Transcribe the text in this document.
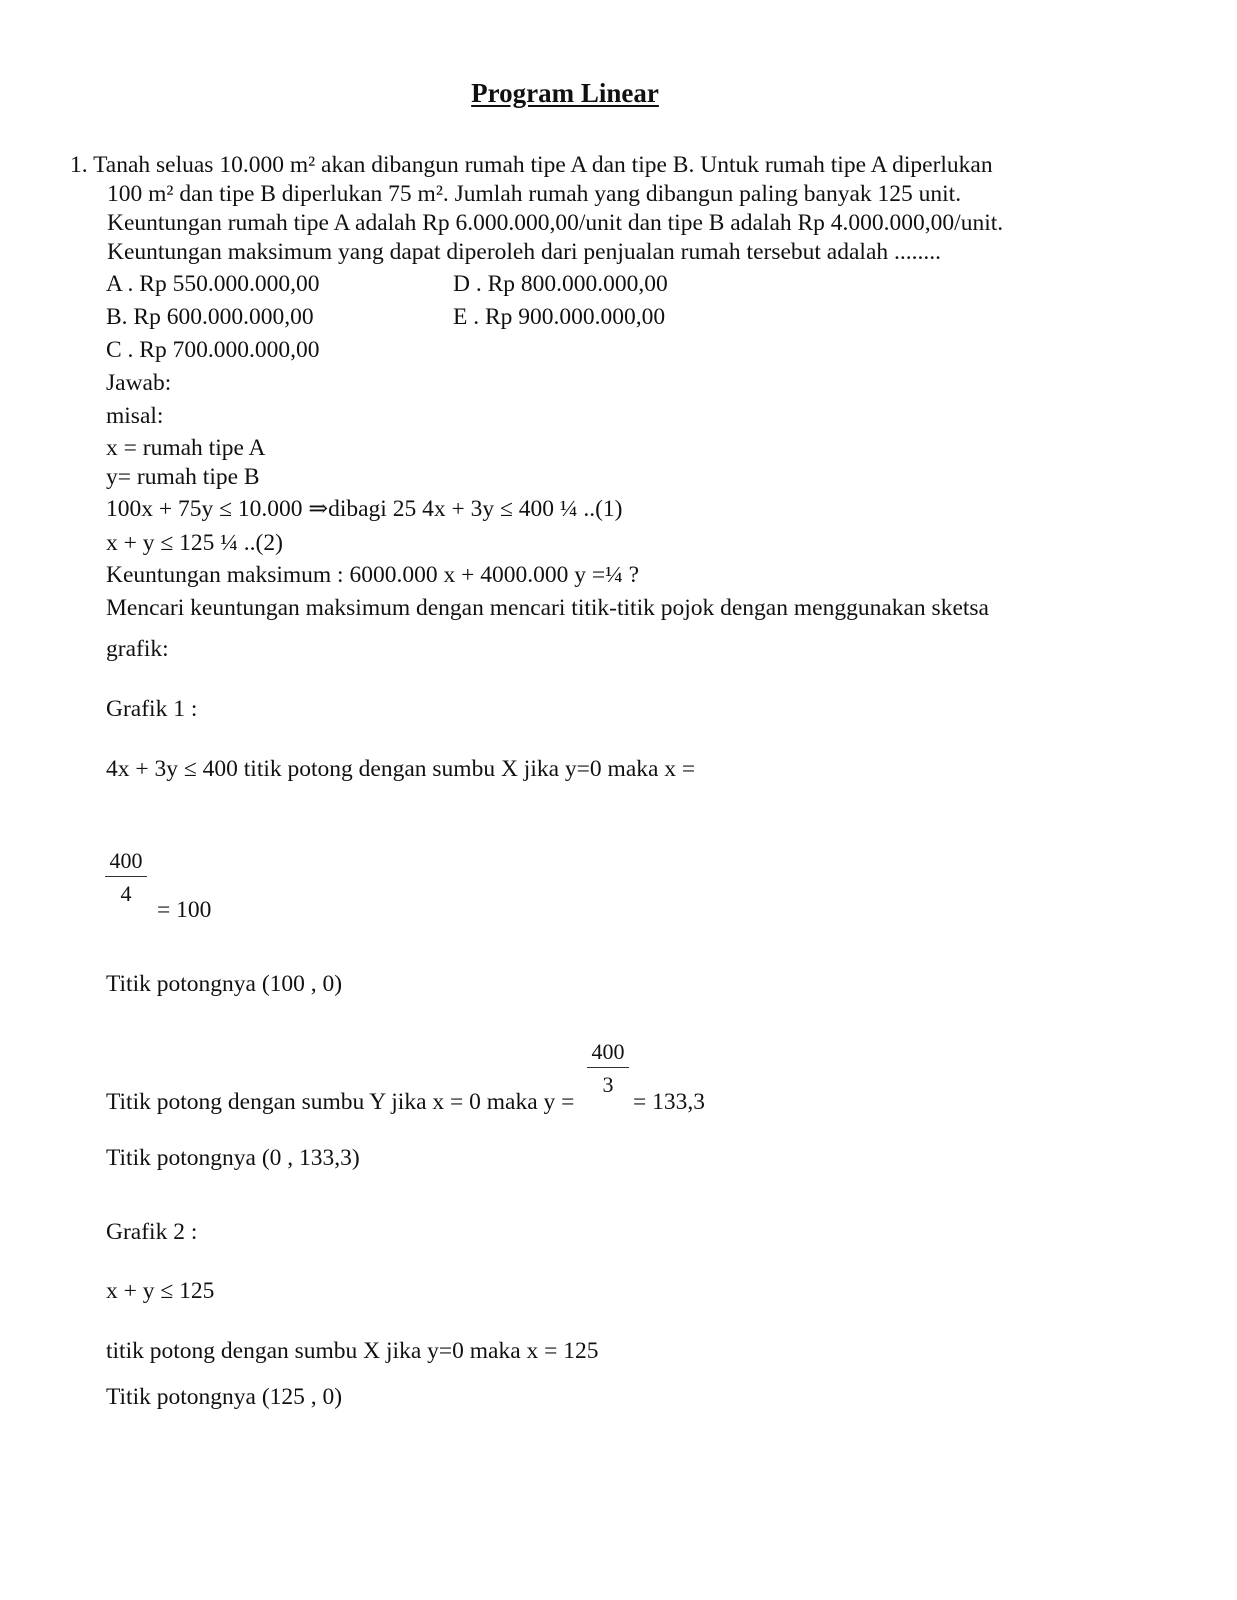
Program Linear
1. Tanah seluas 10.000 m² akan dibangun rumah tipe A dan tipe B. Untuk rumah tipe A diperlukan
100 m² dan tipe B diperlukan 75 m². Jumlah rumah yang dibangun paling banyak 125 unit.
Keuntungan rumah tipe A adalah Rp 6.000.000,00/unit dan tipe B adalah Rp 4.000.000,00/unit.
Keuntungan maksimum yang dapat diperoleh dari penjualan rumah tersebut adalah ........
A . Rp 550.000.000,00	D . Rp 800.000.000,00
B. Rp 600.000.000,00	E . Rp 900.000.000,00
C . Rp 700.000.000,00
Jawab:
misal:
x = rumah tipe A
y= rumah tipe B
100x + 75y ≤ 10.000 ⇒dibagi 25 4x + 3y ≤ 400 ¼ ..(1)
x + y ≤ 125 ¼ ..(2)
Keuntungan maksimum : 6000.000 x + 4000.000 y =¼ ?
Mencari keuntungan maksimum dengan mencari titik-titik pojok dengan menggunakan sketsa
grafik:
Grafik 1 :
4x + 3y ≤ 400 titik potong dengan sumbu X jika y=0 maka x =
400
4
= 100
Titik potongnya (100 , 0)
400
3
Titik potong dengan sumbu Y jika x = 0 maka y = = 133,3
Titik potongnya (0 , 133,3)
Grafik 2 :
x + y ≤ 125
titik potong dengan sumbu X jika y=0 maka x = 125
Titik potongnya (125 , 0)
